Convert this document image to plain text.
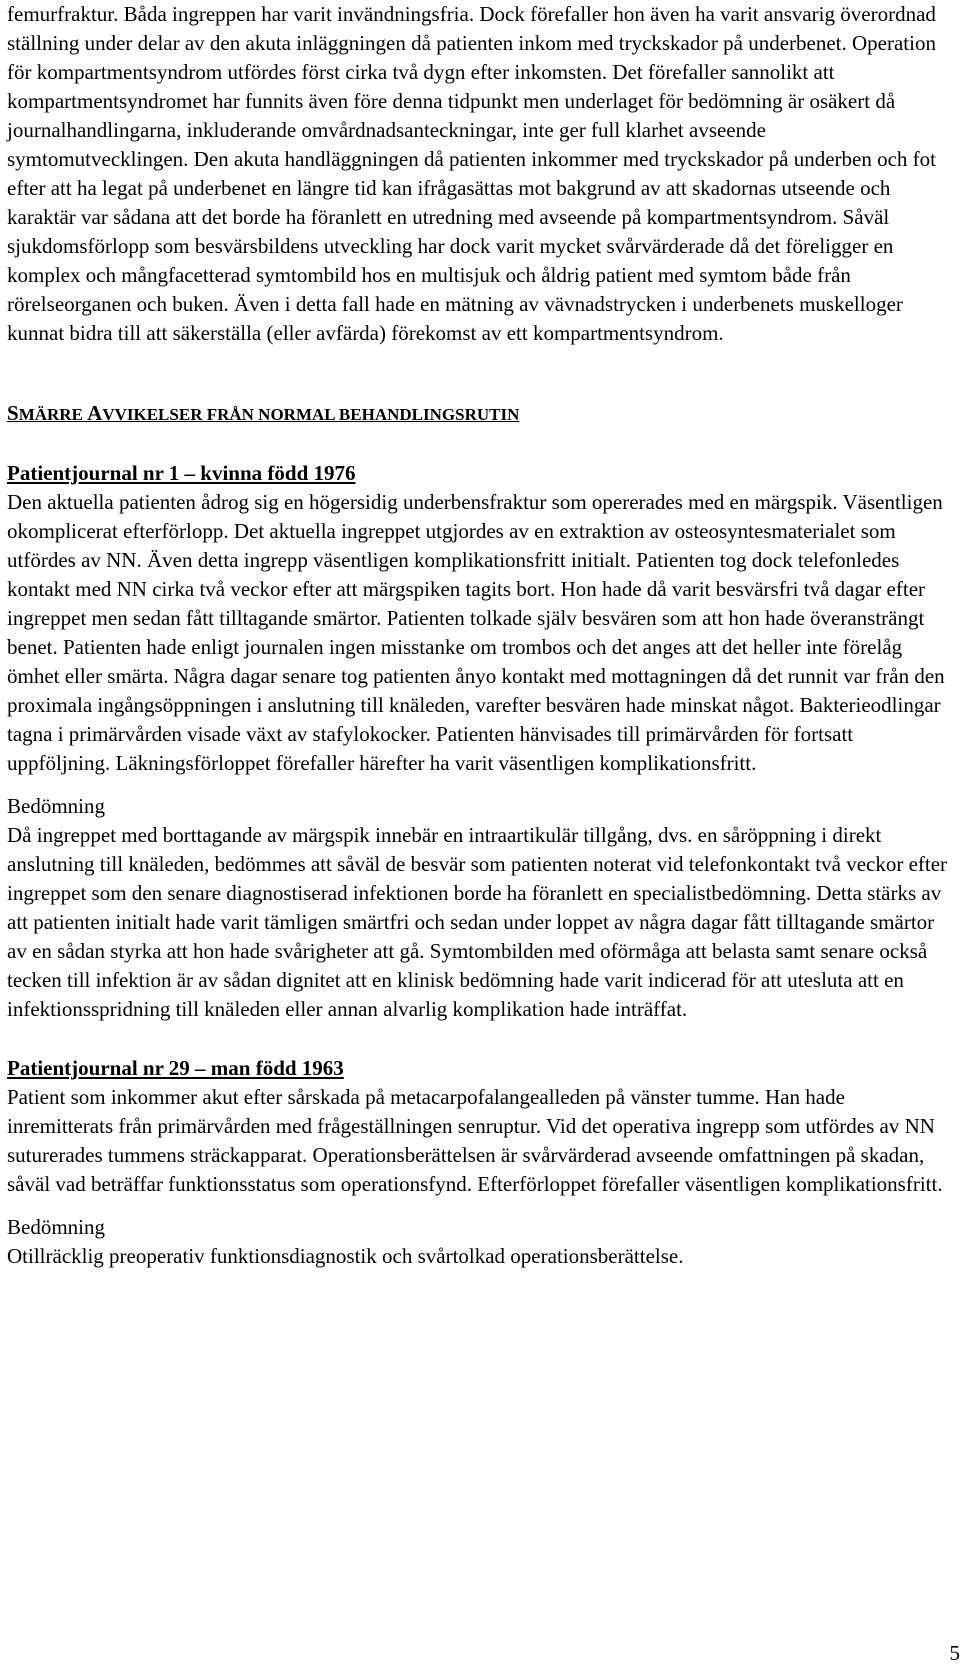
femurfraktur. Båda ingreppen har varit invändningsfria. Dock förefaller hon även ha varit ansvarig överordnad ställning under delar av den akuta inläggningen då patienten inkom med tryckskador på underbenet. Operation för kompartmentsyndrom utfördes först cirka två dygn efter inkomsten. Det förefaller sannolikt att kompartmentsyndromet har funnits även före denna tidpunkt men underlaget för bedömning är osäkert då journalhandlingarna, inkluderande omvårdnadsanteckningar, inte ger full klarhet avseende symtomutvecklingen. Den akuta handläggningen då patienten inkommer med tryckskador på underben och fot efter att ha legat på underbenet en längre tid kan ifrågasättas mot bakgrund av att skadornas utseende och karaktär var sådana att det borde ha föranlett en utredning med avseende på kompartmentsyndrom. Såväl sjukdomsförlopp som besvärsbildens utveckling har dock varit mycket svårvärderade då det föreligger en komplex och mångfacetterad symtombild hos en multisjuk och åldrig patient med symtom både från rörelseorganen och buken. Även i detta fall hade en mätning av vävnadstrycken i underbenets muskelloger kunnat bidra till att säkerställa (eller avfärda) förekomst av ett kompartmentsyndrom.

SMÄRRE AVVIKELSER FRÅN NORMAL BEHANDLINGSRUTIN

Patientjournal nr 1 – kvinna född 1976

Den aktuella patienten ådrog sig en högersidig underbensfraktur som opererades med en märgspik. Väsentligen okomplicerat efterförlopp. Det aktuella ingreppet utgjordes av en extraktion av osteosyntesmaterialet som utfördes av NN. Även detta ingrepp väsentligen komplikationsfritt initialt. Patienten tog dock telefonledes kontakt med NN cirka två veckor efter att märgspiken tagits bort. Hon hade då varit besvärsfri två dagar efter ingreppet men sedan fått tilltagande smärtor. Patienten tolkade själv besvären som att hon hade överansträngt benet. Patienten hade enligt journalen ingen misstanke om trombos och det anges att det heller inte förelåg ömhet eller smärta. Några dagar senare tog patienten ånyo kontakt med mottagningen då det runnit var från den proximala ingångsöppningen i anslutning till knäleden, varefter besvären hade minskat något. Bakterieodlingar tagna i primärvården visade växt av stafylokocker. Patienten hänvisades till primärvården för fortsatt uppföljning. Läkningsförloppet förefaller härefter ha varit väsentligen komplikationsfritt.

Bedömning

Då ingreppet med borttagande av märgspik innebär en intraartikulär tillgång, dvs. en såröppning i direkt anslutning till knäleden, bedömmes att såväl de besvär som patienten noterat vid telefonkontakt två veckor efter ingreppet som den senare diagnostiserad infektionen borde ha föranlett en specialistbedömning. Detta stärks av att patienten initialt hade varit tämligen smärtfri och sedan under loppet av några dagar fått tilltagande smärtor av en sådan styrka att hon hade svårigheter att gå. Symtombilden med oförmåga att belasta samt senare också tecken till infektion är av sådan dignitet att en klinisk bedömning hade varit indicerad för att utesluta att en infektionsspridning till knäleden eller annan alvarlig komplikation hade inträffat.

Patientjournal nr 29 – man född 1963

Patient som inkommer akut efter sårskada på metacarpofalangealleden på vänster tumme. Han hade inremitterats från primärvården med frågeställningen senruptur. Vid det operativa ingrepp som utfördes av NN suturerades tummens sträckapparat. Operationsberättelsen är svårvärderad avseende omfattningen på skadan, såväl vad beträffar funktionsstatus som operationsfynd. Efterförloppet förefaller väsentligen komplikationsfritt.

Bedömning

Otillräcklig preoperativ funktionsdiagnostik och svårtolkad operationsberättelse.

5
